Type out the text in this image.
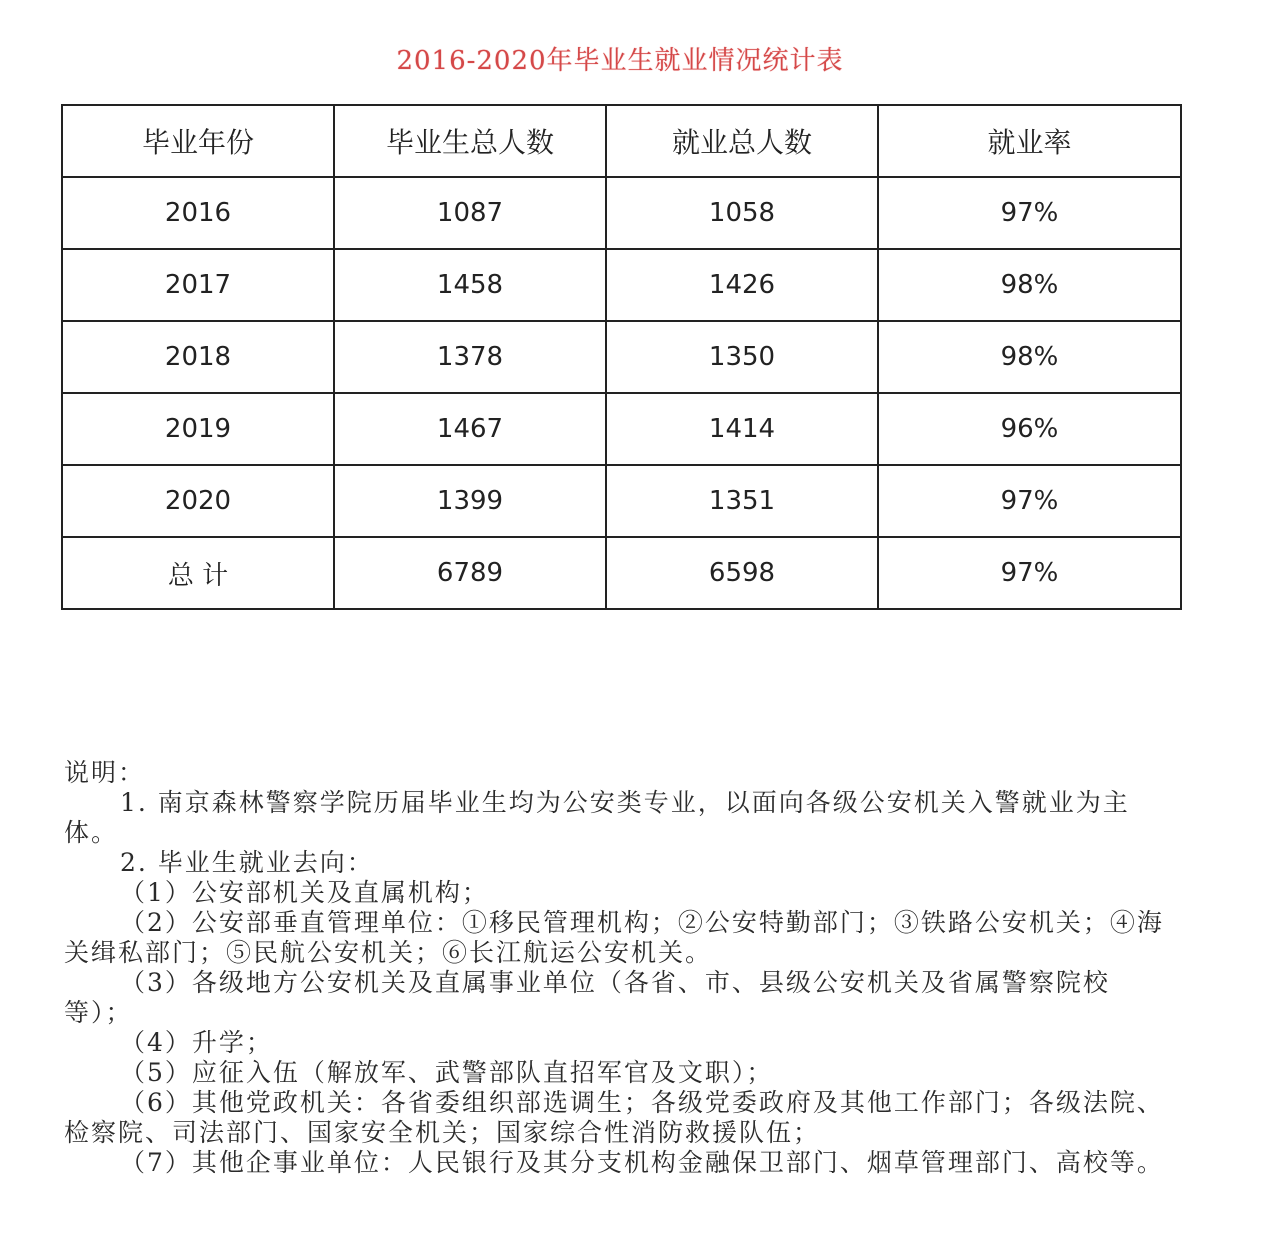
2016-2020年毕业生就业情况统计表
毕业年份	毕业生总人数	就业总人数	就业率
2016	1087	1058	97%
2017	1458	1426	98%
2018	1378	1350	98%
2019	1467	1414	96%
2020	1399	1351	97%
总 计	6789	6598	97%

说明：

1. 南京森林警察学院历届毕业生均为公安类专业，以面向各级公安机关入警就业为主体。

2. 毕业生就业去向：

（1）公安部机关及直属机构；

（2）公安部垂直管理单位：①移民管理机构；②公安特勤部门；③铁路公安机关；④海关缉私部门；⑤民航公安机关；⑥长江航运公安机关。

（3）各级地方公安机关及直属事业单位（各省、市、县级公安机关及省属警察院校等）；

（4）升学；

（5）应征入伍（解放军、武警部队直招军官及文职）；

（6）其他党政机关：各省委组织部选调生；各级党委政府及其他工作部门；各级法院、检察院、司法部门、国家安全机关；国家综合性消防救援队伍；

（7）其他企事业单位：人民银行及其分支机构金融保卫部门、烟草管理部门、高校等。
